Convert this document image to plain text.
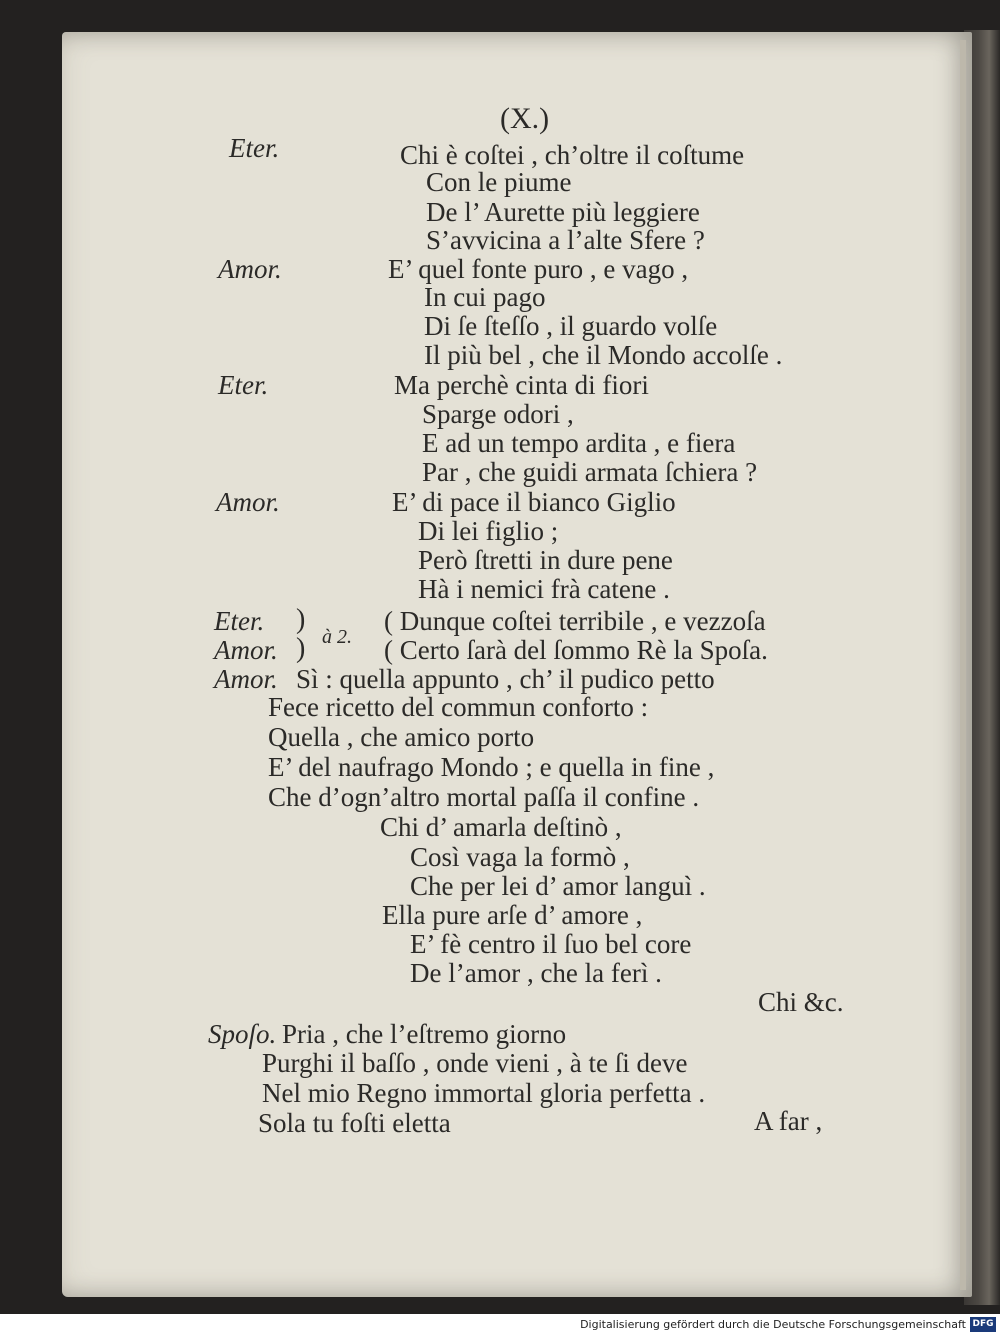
(X.)
Eter.	Chi è coſtei , ch’oltre il coſtume
Con le piume
De l’ Aurette più leggiere
S’avvicina a l’alte Sfere ?
Amor.	E’ quel fonte puro , e vago ,
In cui pago
Di ſe ſteſſo , il guardo volſe
Il più bel , che il Mondo accolſe .
Eter.	Ma perchè cinta di fiori
Sparge odori ,
E ad un tempo ardita , e fiera
Par , che guidi armata ſchiera ?
Amor.	E’ di pace il bianco Giglio
Di lei figlio ;
Però ſtretti in dure pene
Hà i nemici frà catene .
Eter. )
à 2.
( Dunque coſtei terribile , e vezzoſa
Amor. )	( Certo ſarà del ſommo Rè la Spoſa.
Amor. Sì : quella appunto , ch’ il pudico petto
Fece ricetto del commun conforto :
Quella , che amico porto
E’ del naufrago Mondo ; e quella in fine ,
Che d’ogn’altro mortal paſſa il confine .
Chi d’ amarla deſtinò ,
Così vaga la formò ,
Che per lei d’ amor languì .
Ella pure arſe d’ amore ,
E’ fè centro il ſuo bel core
De l’amor , che la ferì .
Chi &c.
Spoſo. Pria , che l’eſtremo giorno
Purghi il baſſo , onde vieni , à te ſi deve
Nel mio Regno immortal gloria perfetta .
Sola tu foſti eletta	A far ,
Digitalisierung gefördert durch die Deutsche Forschungsgemeinschaft DFG
